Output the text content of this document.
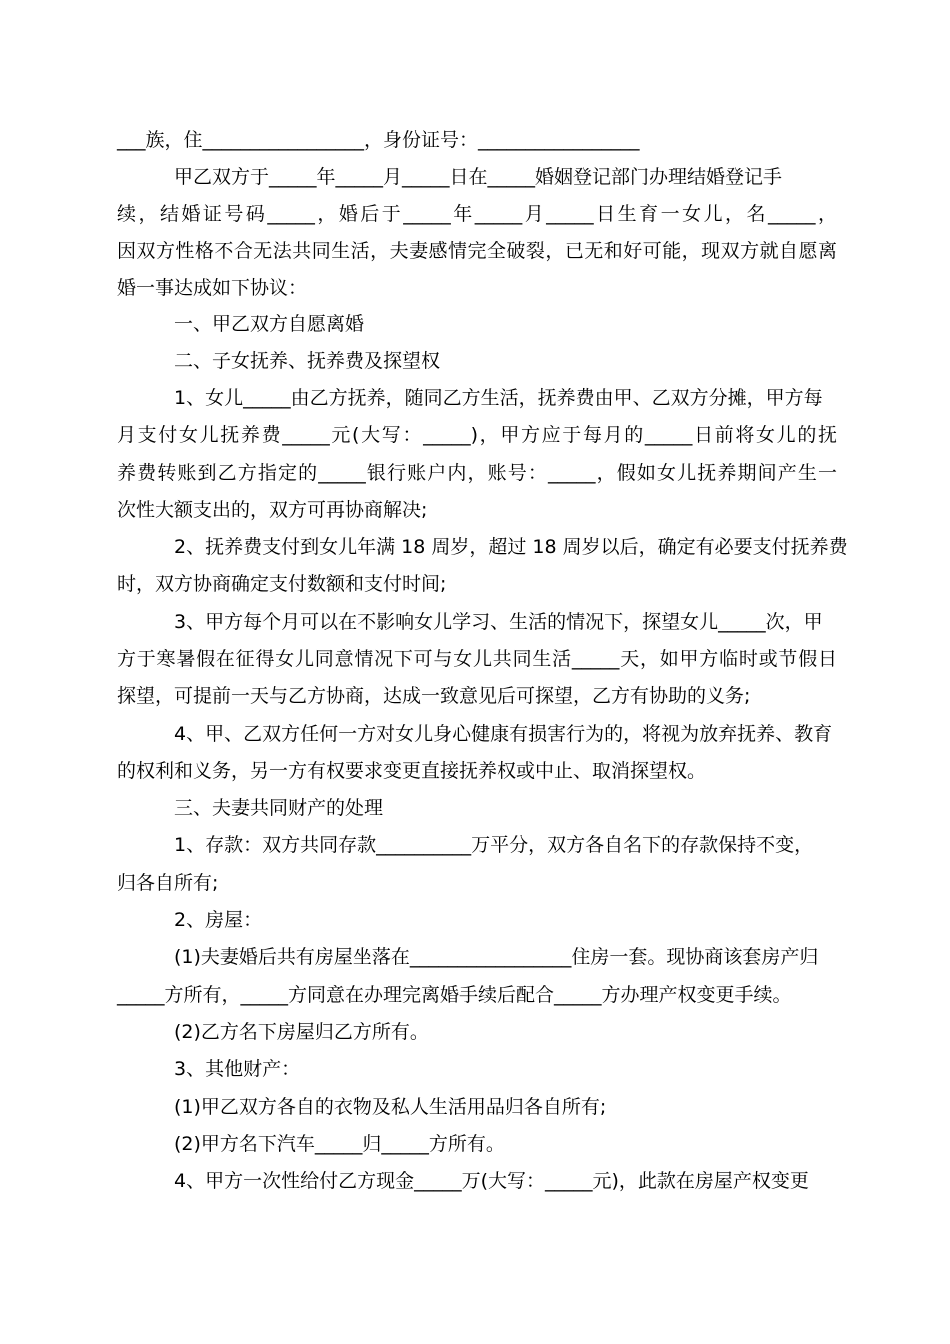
___族，住_________________，身份证号：_________________
甲乙双方于_____年_____月_____日在_____婚姻登记部门办理结婚登记手
续，结婚证号码_____，婚后于_____年_____月_____日生育一女儿，名_____，
因双方性格不合无法共同生活，夫妻感情完全破裂，已无和好可能，现双方就自愿离
婚一事达成如下协议：
一、甲乙双方自愿离婚
二、子女抚养、抚养费及探望权
1、女儿_____由乙方抚养，随同乙方生活，抚养费由甲、乙双方分摊，甲方每
月支付女儿抚养费_____元(大写：_____)，甲方应于每月的_____日前将女儿的抚
养费转账到乙方指定的_____银行账户内，账号：_____，假如女儿抚养期间产生一
次性大额支出的，双方可再协商解决;
2、抚养费支付到女儿年满 18 周岁，超过 18 周岁以后，确定有必要支付抚养费
时，双方协商确定支付数额和支付时间;
3、甲方每个月可以在不影响女儿学习、生活的情况下，探望女儿_____次，甲
方于寒暑假在征得女儿同意情况下可与女儿共同生活_____天，如甲方临时或节假日
探望，可提前一天与乙方协商，达成一致意见后可探望，乙方有协助的义务;
4、甲、乙双方任何一方对女儿身心健康有损害行为的，将视为放弃抚养、教育
的权利和义务，另一方有权要求变更直接抚养权或中止、取消探望权。
三、夫妻共同财产的处理
1、存款：双方共同存款__________万平分，双方各自名下的存款保持不变，
归各自所有;
2、房屋：
(1)夫妻婚后共有房屋坐落在_________________住房一套。现协商该套房产归
_____方所有，_____方同意在办理完离婚手续后配合_____方办理产权变更手续。
(2)乙方名下房屋归乙方所有。
3、其他财产：
(1)甲乙双方各自的衣物及私人生活用品归各自所有;
(2)甲方名下汽车_____归_____方所有。
4、甲方一次性给付乙方现金_____万(大写：_____元)，此款在房屋产权变更
